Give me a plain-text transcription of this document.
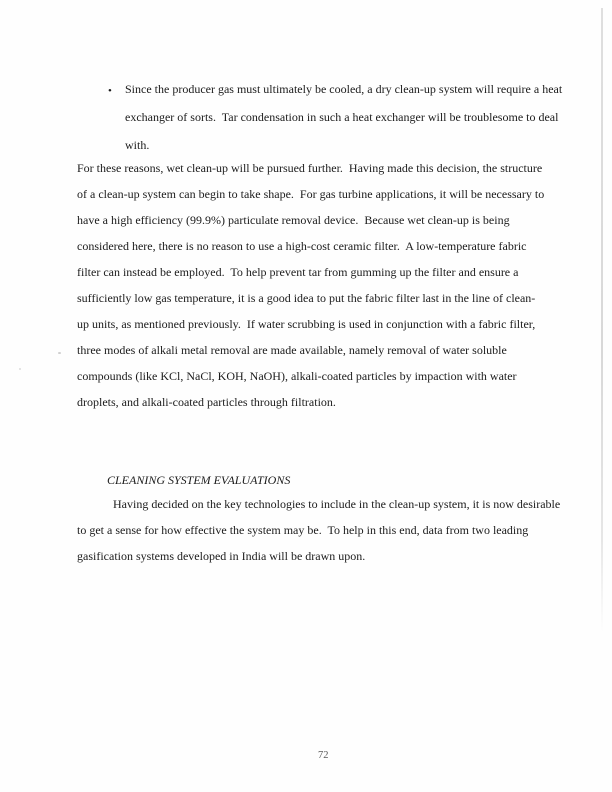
• Since the producer gas must ultimately be cooled, a dry clean-up system will require a heat
exchanger of sorts.  Tar condensation in such a heat exchanger will be troublesome to deal
with.
For these reasons, wet clean-up will be pursued further.  Having made this decision, the structure
of a clean-up system can begin to take shape.  For gas turbine applications, it will be necessary to
have a high efficiency (99.9%) particulate removal device.  Because wet clean-up is being
considered here, there is no reason to use a high-cost ceramic filter.  A low-temperature fabric
filter can instead be employed.  To help prevent tar from gumming up the filter and ensure a
sufficiently low gas temperature, it is a good idea to put the fabric filter last in the line of clean-
up units, as mentioned previously.  If water scrubbing is used in conjunction with a fabric filter,
three modes of alkali metal removal are made available, namely removal of water soluble
compounds (like KCl, NaCl, KOH, NaOH), alkali-coated particles by impaction with water
droplets, and alkali-coated particles through filtration.
CLEANING SYSTEM EVALUATIONS
Having decided on the key technologies to include in the clean-up system, it is now desirable
to get a sense for how effective the system may be.  To help in this end, data from two leading
gasification systems developed in India will be drawn upon.
72
